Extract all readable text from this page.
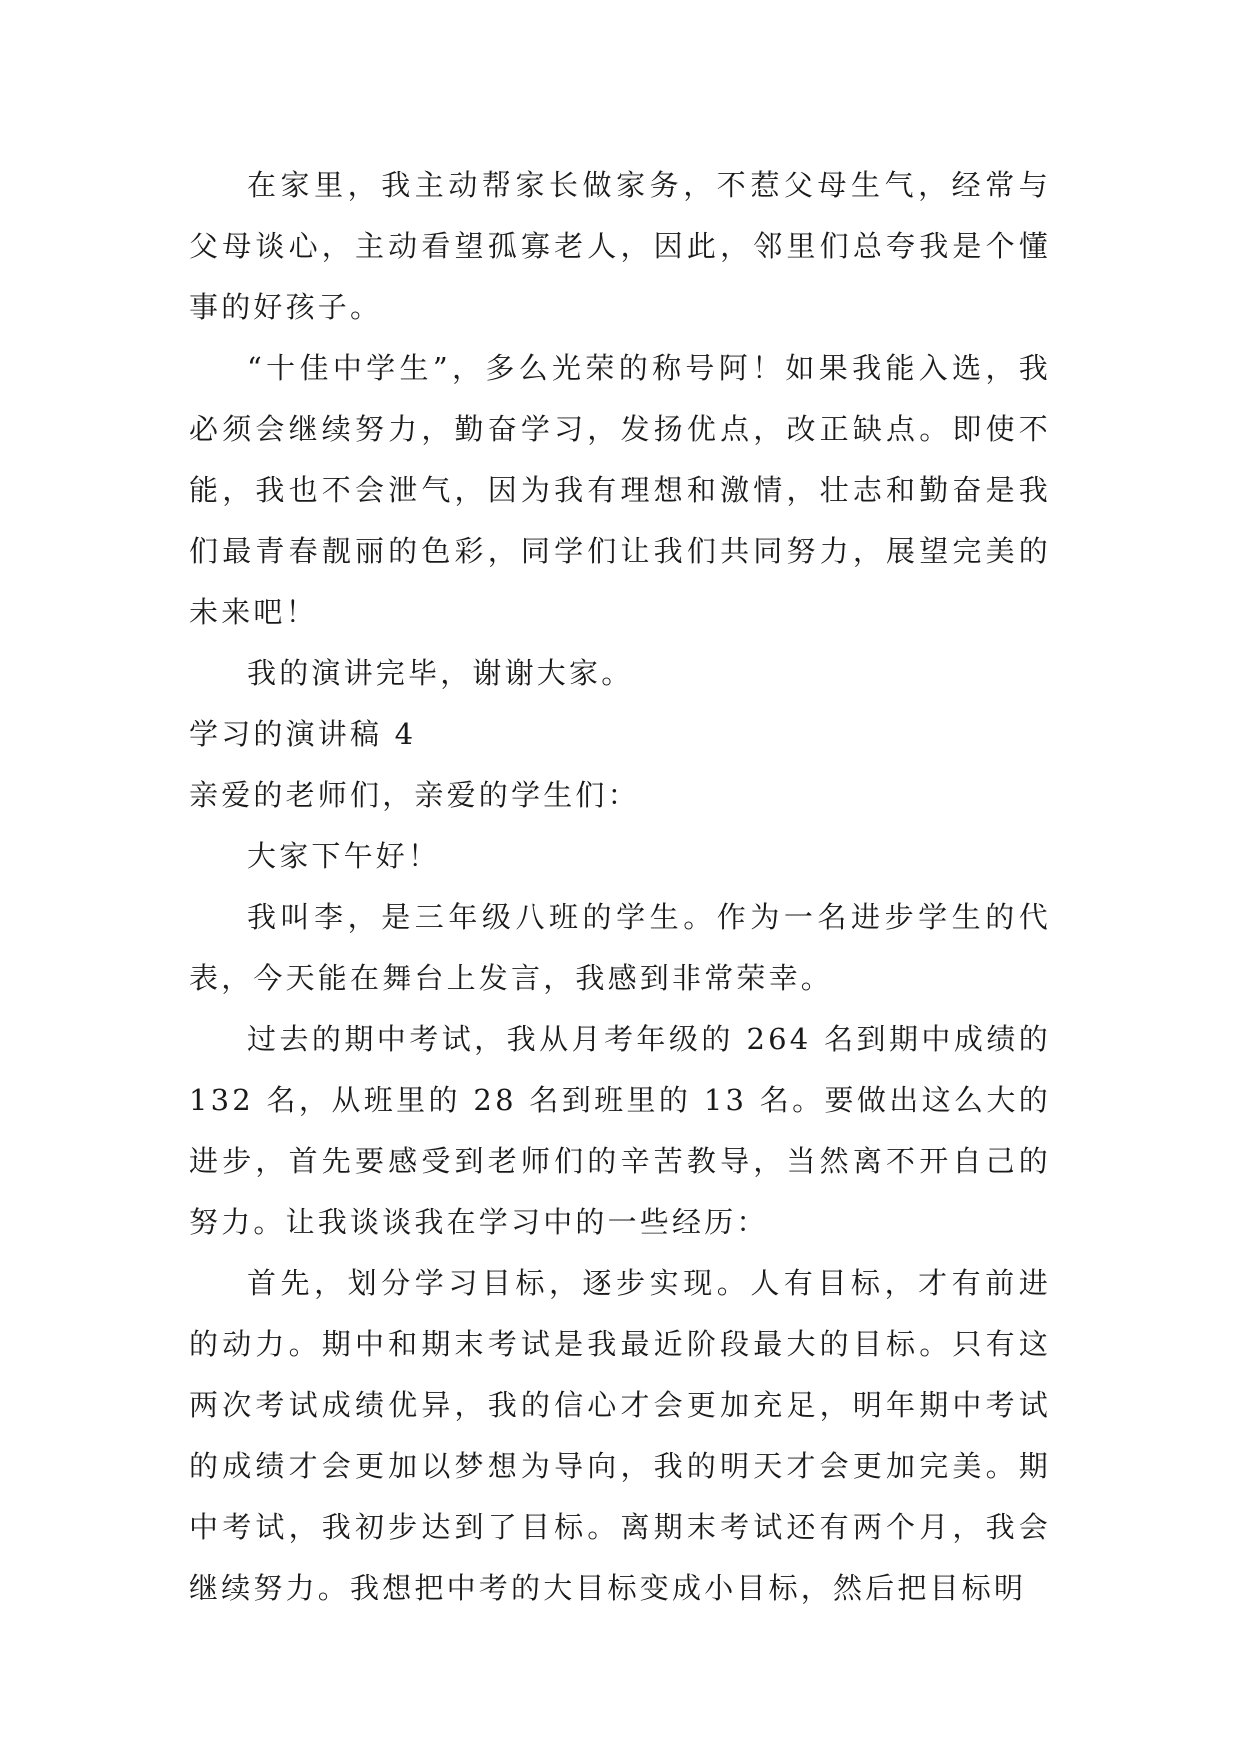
在家里，我主动帮家长做家务，不惹父母生气，经常与父母谈心，主动看望孤寡老人，因此，邻里们总夸我是个懂事的好孩子。

“十佳中学生”，多么光荣的称号阿！如果我能入选，我必须会继续努力，勤奋学习，发扬优点，改正缺点。即使不能，我也不会泄气，因为我有理想和激情，壮志和勤奋是我们最青春靓丽的色彩，同学们让我们共同努力，展望完美的未来吧！

我的演讲完毕，谢谢大家。

学习的演讲稿 4

亲爱的老师们，亲爱的学生们：

大家下午好！

我叫李，是三年级八班的学生。作为一名进步学生的代表，今天能在舞台上发言，我感到非常荣幸。

过去的期中考试，我从月考年级的 264 名到期中成绩的 132 名，从班里的 28 名到班里的 13 名。要做出这么大的进步，首先要感受到老师们的辛苦教导，当然离不开自己的努力。让我谈谈我在学习中的一些经历：

首先，划分学习目标，逐步实现。人有目标，才有前进的动力。期中和期末考试是我最近阶段最大的目标。只有这两次考试成绩优异，我的信心才会更加充足，明年期中考试的成绩才会更加以梦想为导向，我的明天才会更加完美。期中考试，我初步达到了目标。离期末考试还有两个月，我会继续努力。我想把中考的大目标变成小目标，然后把目标明
